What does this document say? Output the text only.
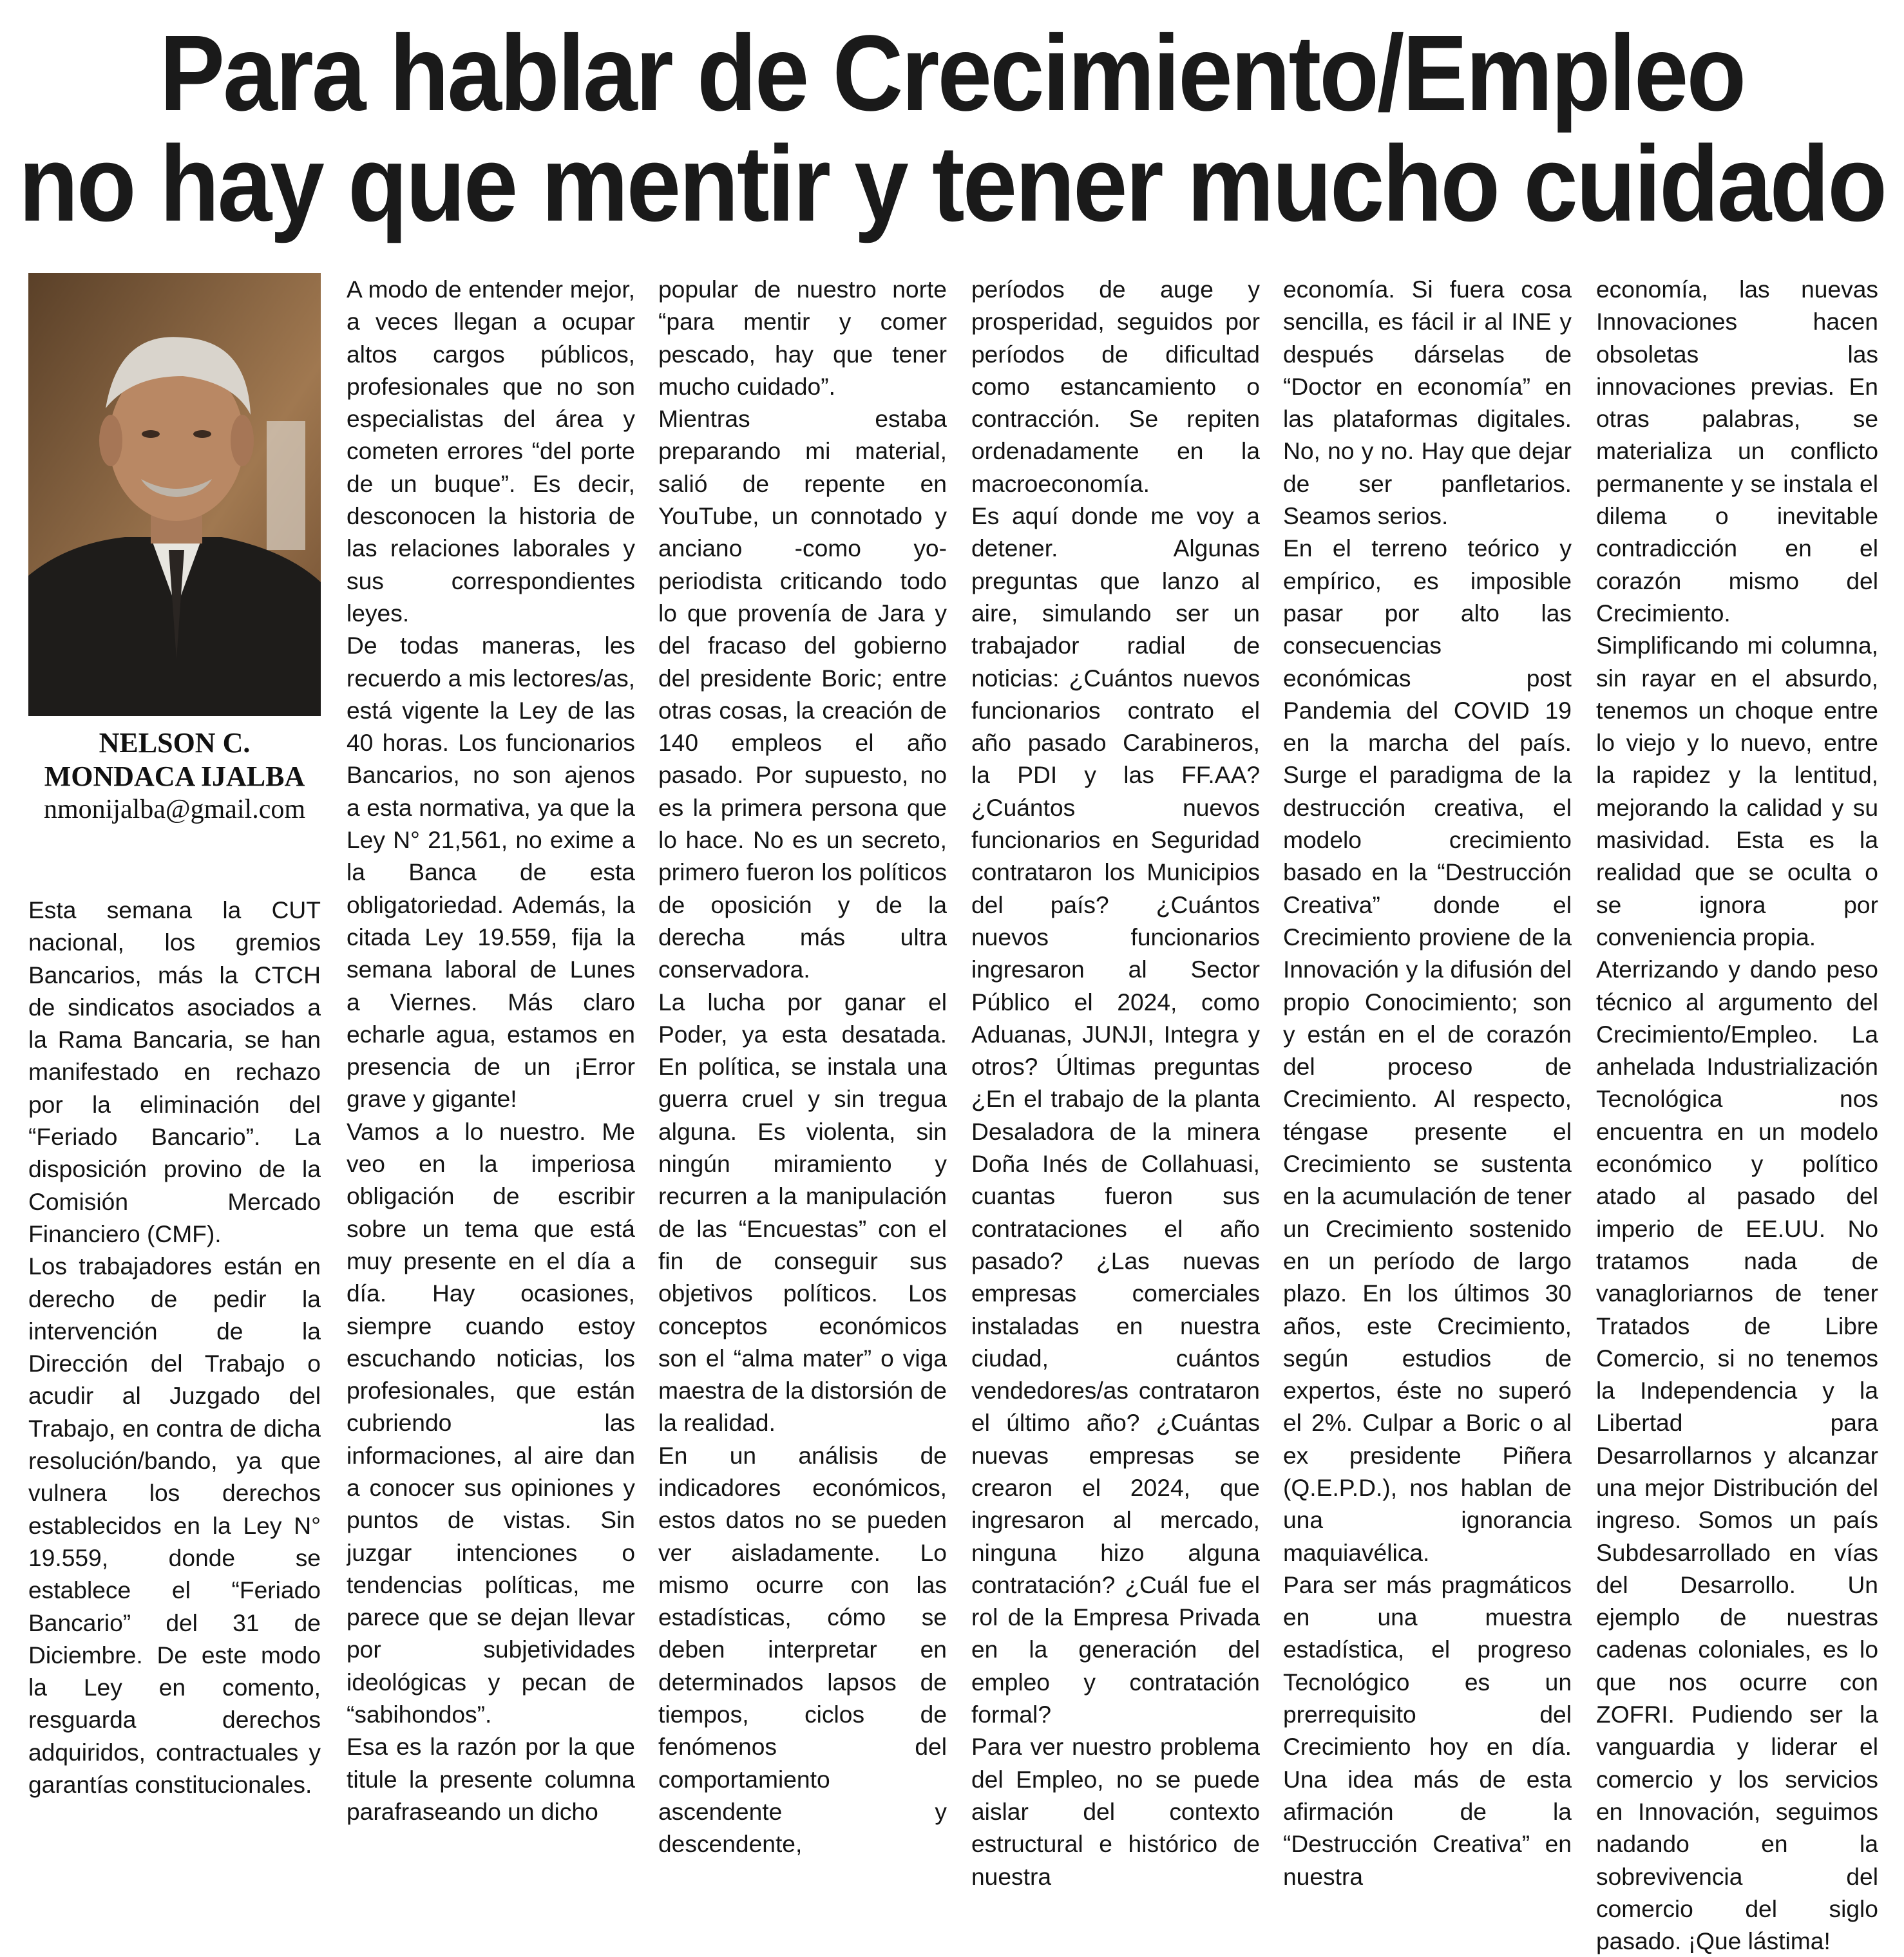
Para hablar de Crecimiento/Empleo
no hay que mentir y tener mucho cuidado
NELSON C. MONDACA IJALBA
nmonijalba@gmail.com

Esta semana la CUT nacional, los gremios Bancarios, más la CTCH de sindicatos asociados a la Rama Bancaria, se han manifestado en rechazo por la eliminación del “Feriado Bancario”. La disposición provino de la Comisión Mercado Financiero (CMF).

Los trabajadores están en derecho de pedir la intervención de la Dirección del Trabajo o acudir al Juzgado del Trabajo, en contra de dicha resolución/bando, ya que vulnera los derechos establecidos en la Ley N° 19.559, donde se establece el “Feriado Bancario” del 31 de Diciembre. De este modo la Ley en comento, resguarda derechos adquiridos, contractuales y garantías constitucionales.

A modo de entender mejor, a veces llegan a ocupar altos cargos públicos, profesionales que no son especialistas del área y cometen errores “del porte de un buque”. Es decir, desconocen la historia de las relaciones laborales y sus correspondientes leyes.

De todas maneras, les recuerdo a mis lectores/as, está vigente la Ley de las 40 horas. Los funcionarios Bancarios, no son ajenos a esta normativa, ya que la Ley N° 21,561, no exime a la Banca de esta obligatoriedad. Además, la citada Ley 19.559, fija la semana laboral de Lunes a Viernes. Más claro echarle agua, estamos en presencia de un ¡Error grave y gigante!

Vamos a lo nuestro. Me veo en la imperiosa obligación de escribir sobre un tema que está muy presente en el día a día. Hay ocasiones, siempre cuando estoy escuchando noticias, los profesionales, que están cubriendo las informaciones, al aire dan a conocer sus opiniones y puntos de vistas. Sin juzgar intenciones o tendencias políticas, me parece que se dejan llevar por subjetividades ideológicas y pecan de “sabihondos”.

Esa es la razón por la que titule la presente columna parafraseando un dicho

popular de nuestro norte “para mentir y comer pescado, hay que tener mucho cuidado”.

Mientras estaba preparando mi material, salió de repente en YouTube, un connotado y anciano -como yo- periodista criticando todo lo que provenía de Jara y del fracaso del gobierno del presidente Boric; entre otras cosas, la creación de 140 empleos el año pasado. Por supuesto, no es la primera persona que lo hace. No es un secreto, primero fueron los políticos de oposición y de la derecha más ultra conservadora.

La lucha por ganar el Poder, ya esta desatada. En política, se instala una guerra cruel y sin tregua alguna. Es violenta, sin ningún miramiento y recurren a la manipulación de las “Encuestas” con el fin de conseguir sus objetivos políticos. Los conceptos económicos son el “alma mater” o viga maestra de la distorsión de la realidad.

En un análisis de indicadores económicos, estos datos no se pueden ver aisladamente. Lo mismo ocurre con las estadísticas, cómo se deben interpretar en determinados lapsos de tiempos, ciclos de fenómenos del comportamiento ascendente y descendente,

períodos de auge y prosperidad, seguidos por períodos de dificultad como estancamiento o contracción. Se repiten ordenadamente en la macroeconomía.

Es aquí donde me voy a detener. Algunas preguntas que lanzo al aire, simulando ser un trabajador radial de noticias: ¿Cuántos nuevos funcionarios contrato el año pasado Carabineros, la PDI y las FF.AA? ¿Cuántos nuevos funcionarios en Seguridad contrataron los Municipios del país? ¿Cuántos nuevos funcionarios ingresaron al Sector Público el 2024, como Aduanas, JUNJI, Integra y otros? Últimas preguntas ¿En el trabajo de la planta Desaladora de la minera Doña Inés de Collahuasi, cuantas fueron sus contrataciones el año pasado? ¿Las nuevas empresas comerciales instaladas en nuestra ciudad, cuántos vendedores/as contrataron el último año? ¿Cuántas nuevas empresas se crearon el 2024, que ingresaron al mercado, ninguna hizo alguna contratación? ¿Cuál fue el rol de la Empresa Privada en la generación del empleo y contratación formal?

Para ver nuestro problema del Empleo, no se puede aislar del contexto estructural e histórico de nuestra

economía. Si fuera cosa sencilla, es fácil ir al INE y después dárselas de “Doctor en economía” en las plataformas digitales. No, no y no. Hay que dejar de ser panfletarios. Seamos serios.

En el terreno teórico y empírico, es imposible pasar por alto las consecuencias económicas post Pandemia del COVID 19 en la marcha del país. Surge el paradigma de la destrucción creativa, el modelo crecimiento basado en la “Destrucción Creativa” donde el Crecimiento proviene de la Innovación y la difusión del propio Conocimiento; son y están en el de corazón del proceso de Crecimiento. Al respecto, téngase presente el Crecimiento se sustenta en la acumulación de tener un Crecimiento sostenido en un período de largo plazo. En los últimos 30 años, este Crecimiento, según estudios de expertos, éste no superó el 2%. Culpar a Boric o al ex presidente Piñera (Q.E.P.D.), nos hablan de una ignorancia maquiavélica.

Para ser más pragmáticos en una muestra estadística, el progreso Tecnológico es un prerrequisito del Crecimiento hoy en día. Una idea más de esta afirmación de la “Destrucción Creativa” en nuestra

economía, las nuevas Innovaciones hacen obsoletas las innovaciones previas. En otras palabras, se materializa un conflicto permanente y se instala el dilema o inevitable contradicción en el corazón mismo del Crecimiento. Simplificando mi columna, sin rayar en el absurdo, tenemos un choque entre lo viejo y lo nuevo, entre la rapidez y la lentitud, mejorando la calidad y su masividad. Esta es la realidad que se oculta o se ignora por conveniencia propia.

Aterrizando y dando peso técnico al argumento del Crecimiento/Empleo. La anhelada Industrialización Tecnológica nos encuentra en un modelo económico y político atado al pasado del imperio de EE.UU. No tratamos nada de vanagloriarnos de tener Tratados de Libre Comercio, si no tenemos la Independencia y la Libertad para Desarrollarnos y alcanzar una mejor Distribución del ingreso. Somos un país Subdesarrollado en vías del Desarrollo. Un ejemplo de nuestras cadenas coloniales, es lo que nos ocurre con ZOFRI. Pudiendo ser la vanguardia y liderar el comercio y los servicios en Innovación, seguimos nadando en la sobrevivencia del comercio del siglo pasado. ¡Que lástima!
